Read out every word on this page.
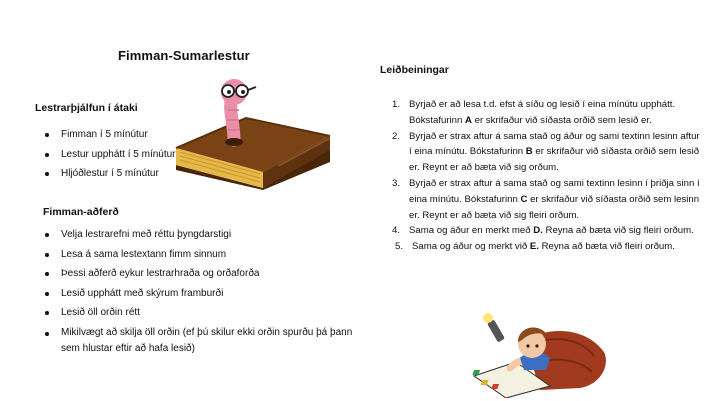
Fimman-Sumarlestur
Lestrarþjálfun í átaki
Fimman í 5 mínútur
Lestur upphátt í 5 mínútur
Hljóðlestur í 5 mínútur
Fimman-aðferð
Velja lestrarefni með réttu þyngdarstigi
Lesa á sama lestextann fimm sinnum
Þessi aðferð eykur lestrarhraða og orðaforða
Lesið upphátt með skýrum framburði
Lesið öll orðin rétt
Mikilvægt að skilja öll orðin (ef þú skilur ekki orðin spurðu þá þann sem hlustar eftir að hafa lesið)
Leiðbeiningar
1. Byrjað er að lesa t.d. efst á síðu og lesið í eina mínútu upphátt. Bókstafurinn A er skrifaður við síðasta orðið sem lesið er.
2. Byrjað er strax aftur á sama stað og áður og sami textinn lesinn aftur í eina mínútu. Bókstafurinn B er skrifaður við síðasta orðið sem lesið er. Reynt er að bæta við sig orðum.
3. Byrjað er strax aftur á sama stað og sami textinn lesinn í þriðja sinn í eina mínútu. Bókstafurinn C er skrifaður við síðasta orðið sem lesinn er. Reynt er að bæta við sig fleiri orðum.
4. Sama og áður en merkt með D. Reyna að bæta við sig fleiri orðum.
5. Sama og áður og merkt við E. Reyna að bæta við fleiri orðum.
